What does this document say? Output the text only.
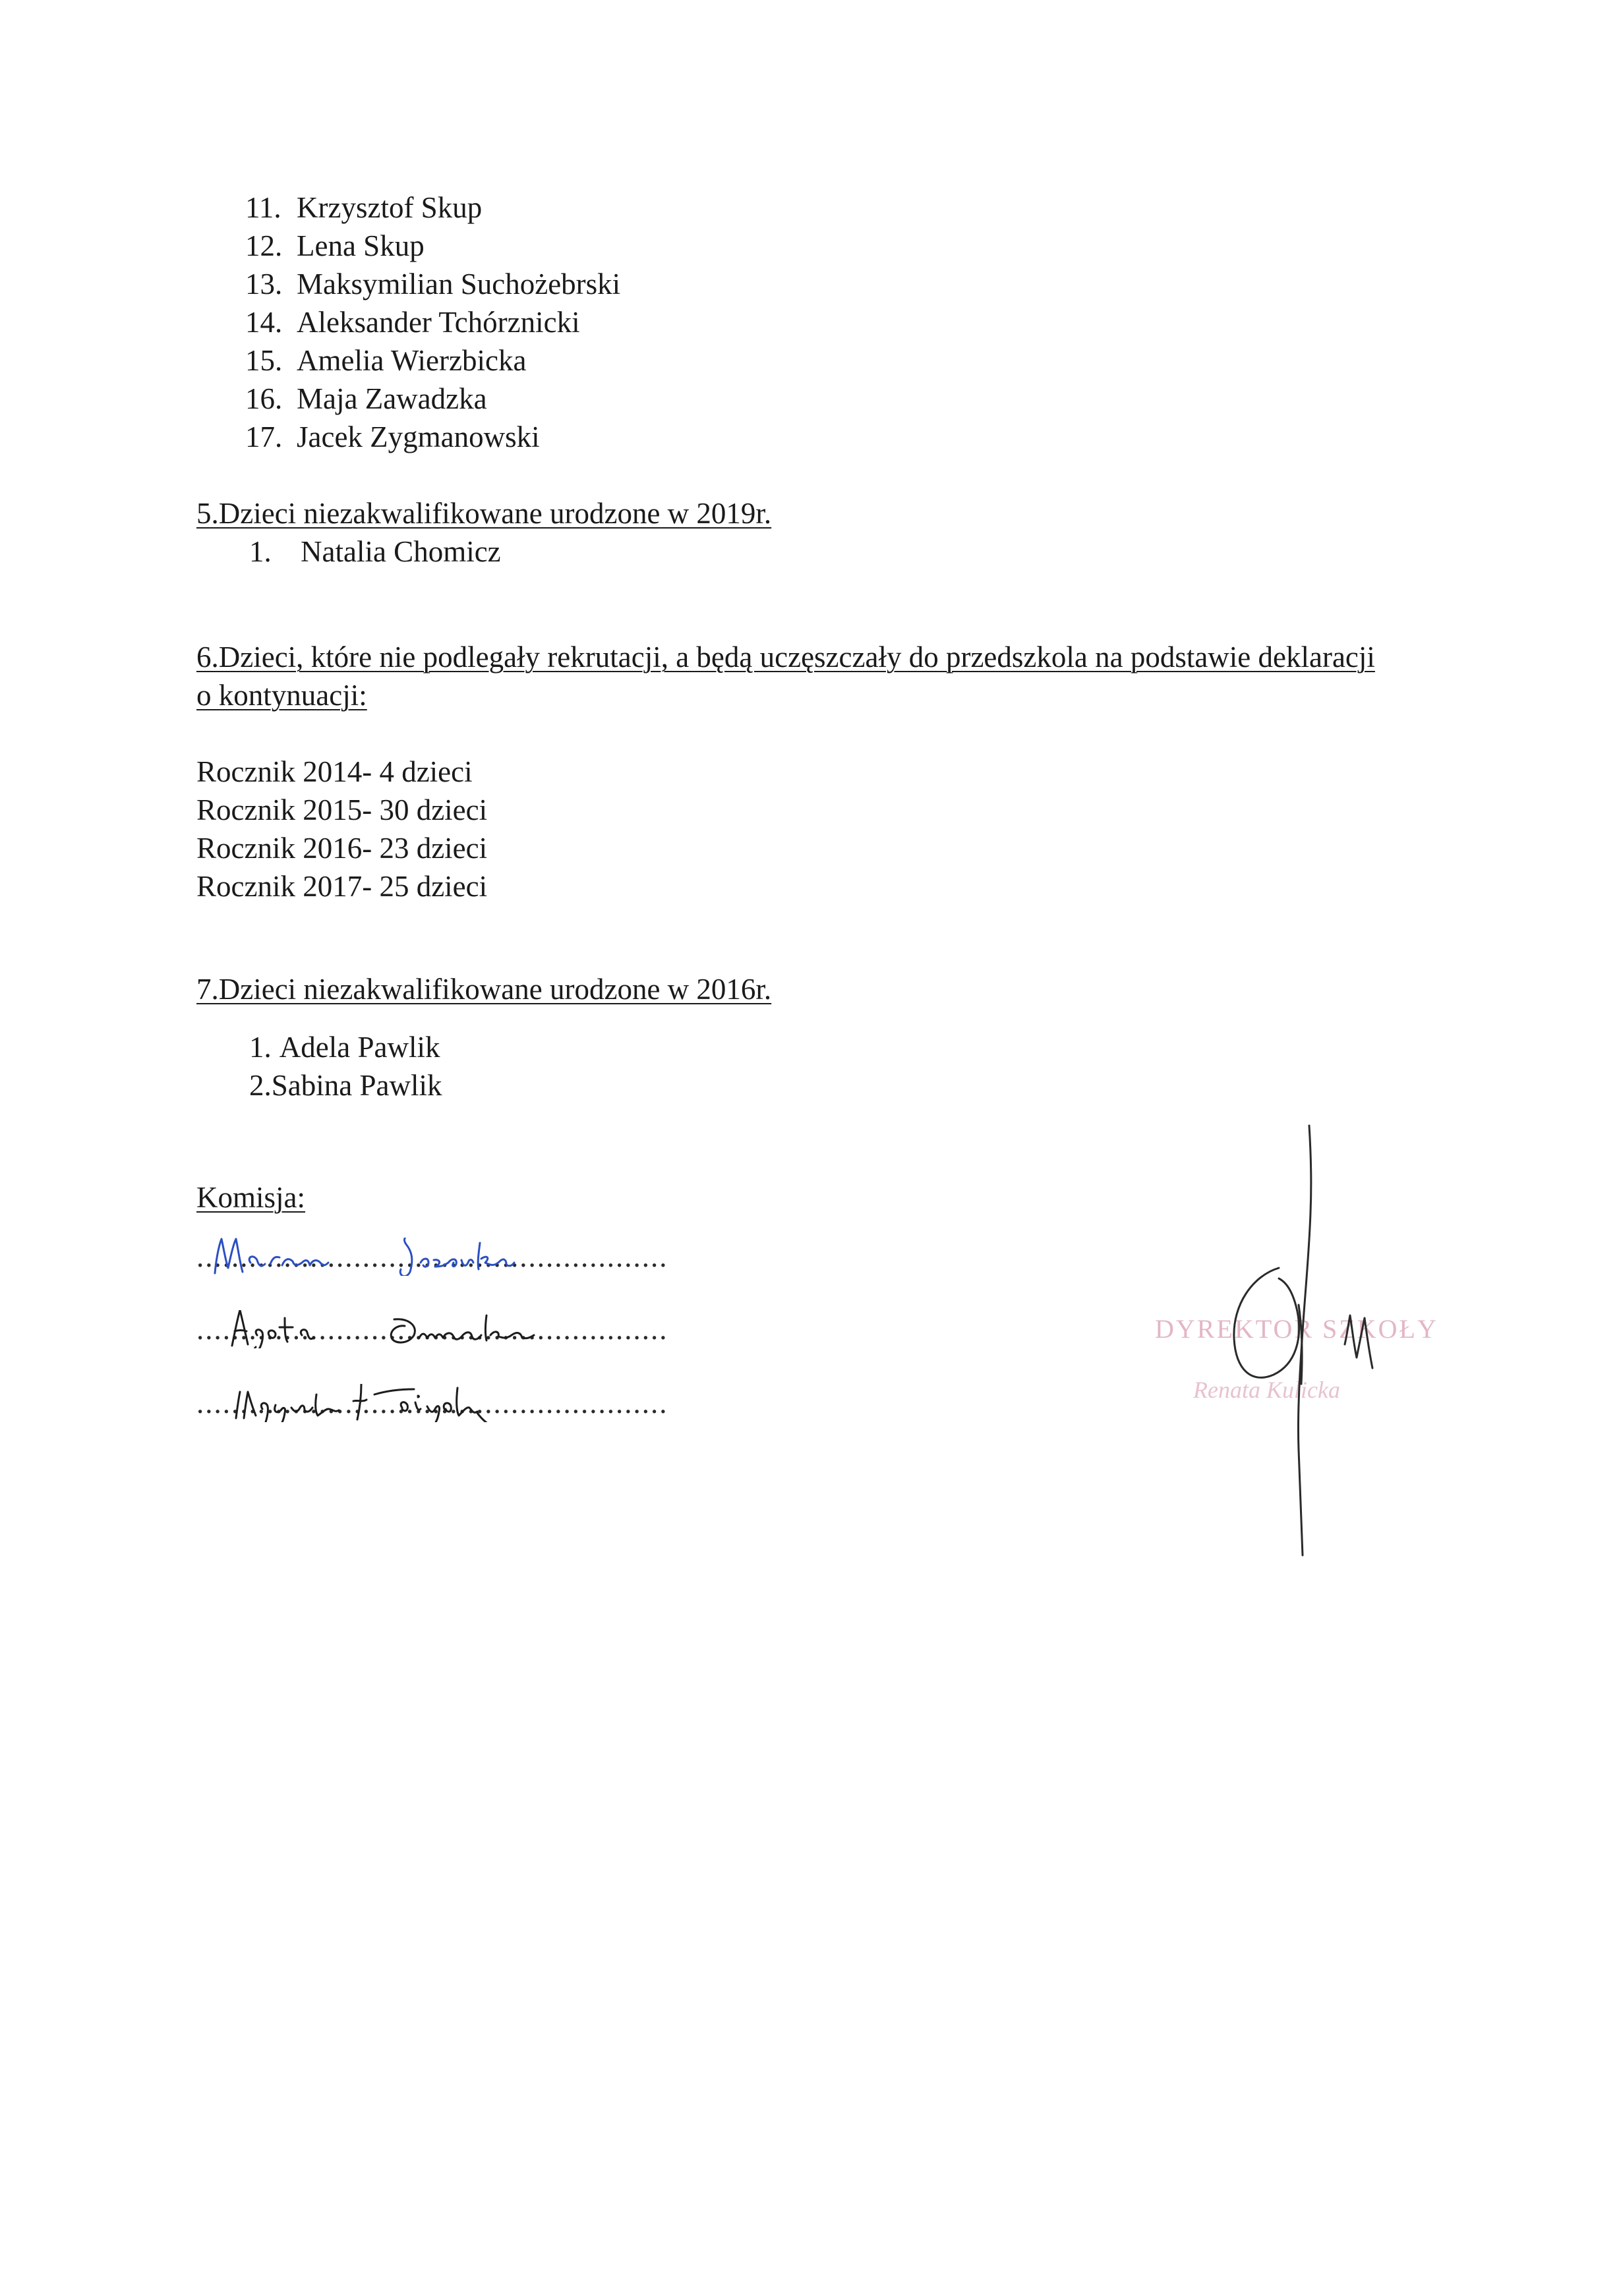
11. Krzysztof Skup
12. Lena Skup
13. Maksymilian Suchożebrski
14. Aleksander Tchórznicki
15. Amelia Wierzbicka
16. Maja Zawadzka
17. Jacek Zygmanowski
5.Dzieci niezakwalifikowane urodzone w 2019r.
1. Natalia Chomicz
6.Dzieci, które nie podlegały rekrutacji, a będą uczęszczały do przedszkola na podstawie deklaracji o kontynuacji:
Rocznik 2014- 4 dzieci
Rocznik 2015- 30 dzieci
Rocznik 2016- 23 dzieci
Rocznik 2017- 25 dzieci
7.Dzieci niezakwalifikowane urodzone w 2016r.
1. Adela Pawlik
2. Sabina Pawlik
Komisja:
......................................................
......................................................
......................................................
DYREKTOR SZKOŁY
Renata Kulicka
